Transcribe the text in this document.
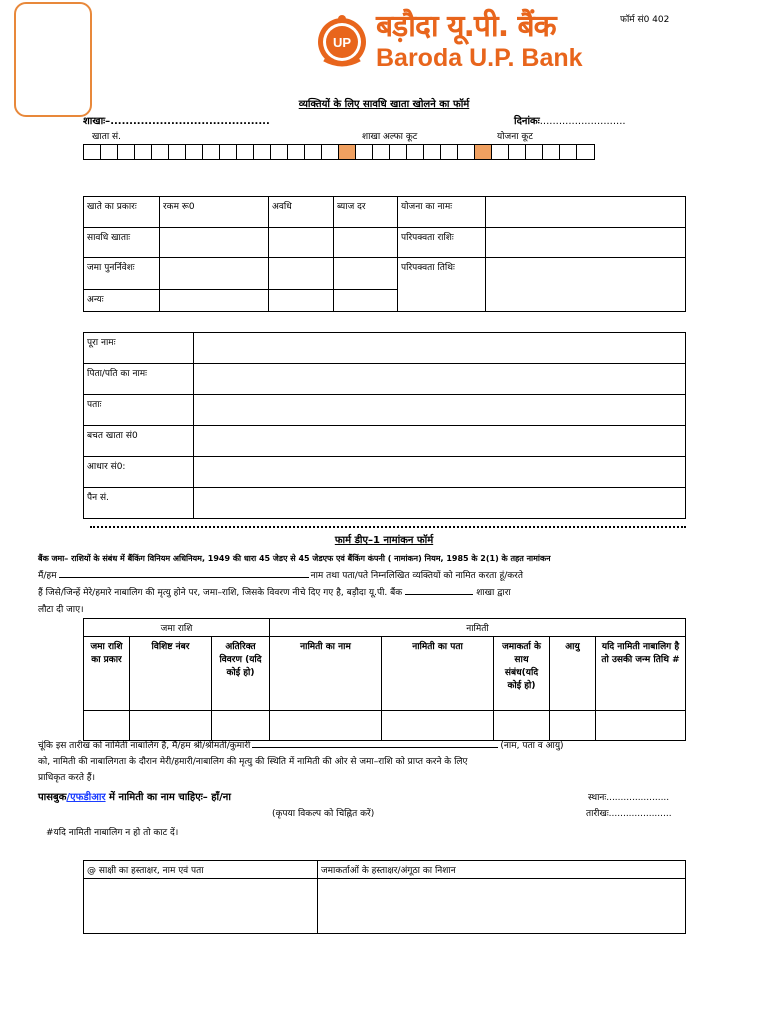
UP बड़ौदा यू.पी. बैंक
Baroda U.P. Bank
फॉर्म सं0 402
व्यक्तियों के लिए सावधि खाता खोलने का फॉर्म
शाखाः–..........................................	दिनांकः...........................
खाता सं.	शाखा अल्फा कूट	योजना कूट
खाते का प्रकारः	रकम रू0	अवधि	ब्याज दर	योजना का नामः	
सावधि खाताः				परिपक्वता राशिः	
जमा पुनर्निवेशः				परिपक्वता तिथिः	
अन्यः					
पूरा नामः	
पिता/पति का नामः	
पताः	
बचत खाता सं0	
आधार सं0:	
पैन सं.	
फार्म डीए–1 नामांकन फॉर्म
बैंक जमा– राशियों के संबंध में बैंकिंग विनियम अधिनियम, 1949 की धारा 45 जेडए से 45 जेडएफ एवं बैंकिंग कंपनी ( नामांकन) नियम, 1985 के 2(1) के तहत नामांकन
मैं/हम	नाम तथा पता/पते निम्नलिखित व्यक्तियों को नामित करता हूं/करते
हैं जिसे/जिन्हें मेरे/हमारे नाबालिग की मृत्यु होने पर, जमा–राशि, जिसके विवरण नीचे दिए गए है, बड़ौदा यू.पी. बैंक	शाखा द्वारा
लौटा दी जाए।
जमा राशि			नामिती				
जमा राशि का प्रकार	विशिष्ट नंबर	अतिरिक्त विवरण (यदि कोई हो)	नामिती का नाम	नामिती का पता	जमाकर्ता के साथ संबंध(यदि कोई हो)	आयु	यदि नामिती नाबालिग है तो उसकी जन्म तिथि #

चूंकि इस तारीख को नामिती नाबालिग है, मैं/हम श्री/श्रीमती/कुमारी	(नाम, पता व आयु)
को, नामिती की नाबालिगता के दौरान मेरी/हमारी/नाबालिग की मृत्यु की स्थिति में नामिती की ओर से जमा–राशि को प्राप्त करने के लिए
प्राधिकृत करते हैं।
पासबुक/एफडीआर में नामिती का नाम चाहिएः– हाँ/ना
(कृपया विकल्प को चिह्नित करें)
स्थानः......................
तारीखः......................
#यदि नामिती नाबालिग न हो तो काट दें।
@ साक्षी का हस्ताक्षर, नाम एवं पता	जमाकर्ताओं के हस्ताक्षर/अंगूठा का निशान
